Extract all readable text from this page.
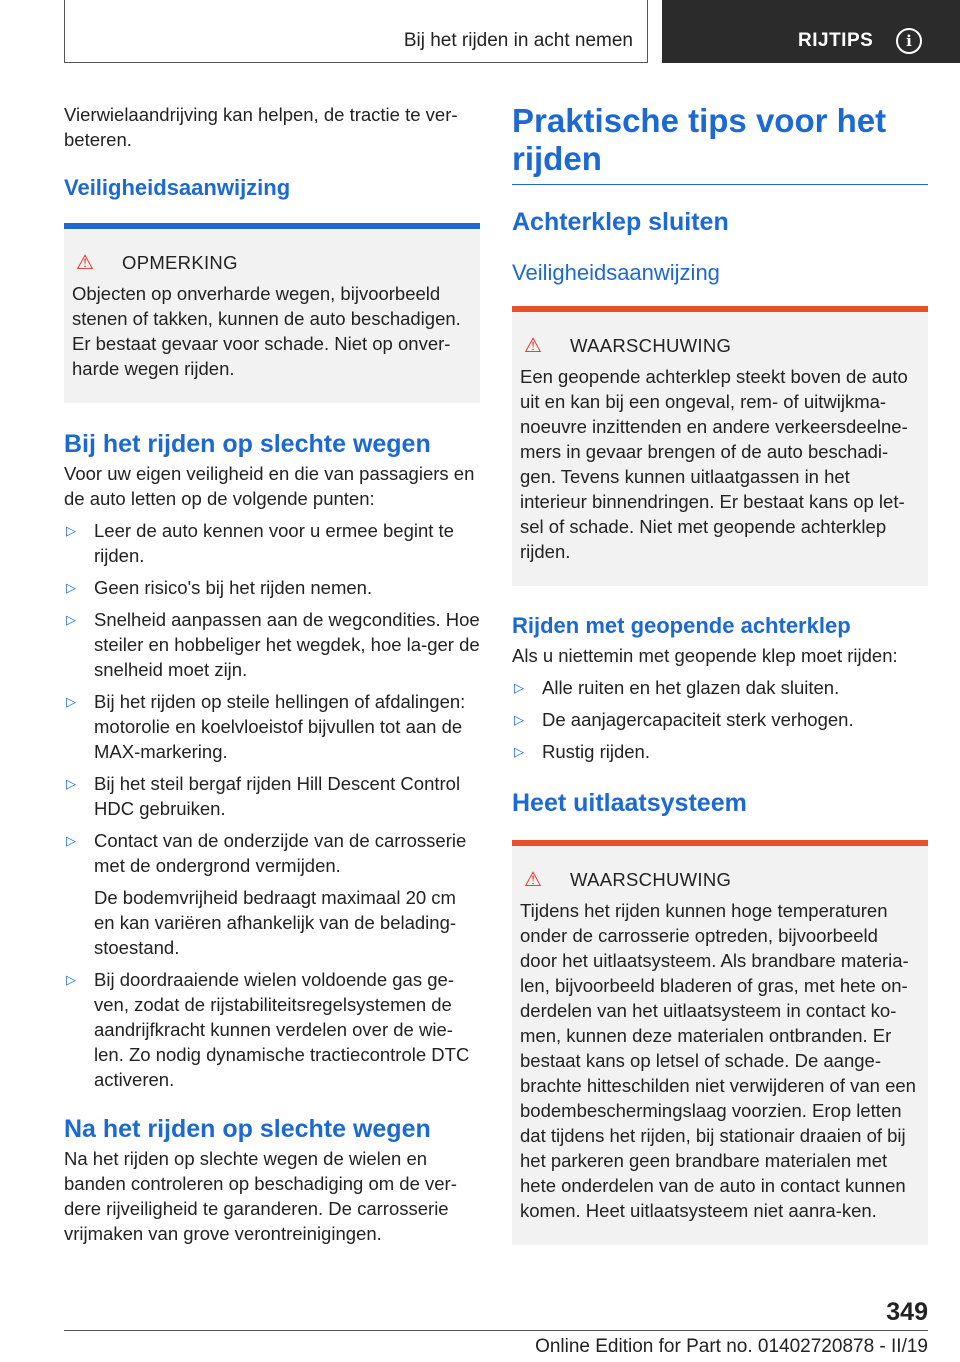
Bij het rijden in acht nemen	RIJTIPS	i

Vierwielaandrijving kan helpen, de tractie te ver-beteren.

Veiligheidsaanwijzing
⚠	OPMERKING

Objecten op onverharde wegen, bijvoorbeeld stenen of takken, kunnen de auto beschadigen. Er bestaat gevaar voor schade. Niet op onver-harde wegen rijden.

Bij het rijden op slechte wegen

Voor uw eigen veiligheid en die van passagiers en de auto letten op de volgende punten:

▷ Leer de auto kennen voor u ermee begint te rijden.
▷ Geen risico's bij het rijden nemen.
▷ Snelheid aanpassen aan de wegcondities. Hoe steiler en hobbeliger het wegdek, hoe la-ger de snelheid moet zijn.
▷ Bij het rijden op steile hellingen of afdalingen: motorolie en koelvloeistof bijvullen tot aan de MAX-markering.
▷ Bij het steil bergaf rijden Hill Descent Control HDC gebruiken.
▷ Contact van de onderzijde van de carrosserie met de ondergrond vermijden.
De bodemvrijheid bedraagt maximaal 20 cm en kan variëren afhankelijk van de belading-stoestand.
▷ Bij doordraaiende wielen voldoende gas ge-ven, zodat de rijstabiliteitsregelsystemen de aandrijfkracht kunnen verdelen over de wie-len. Zo nodig dynamische tractiecontrole DTC activeren.
Na het rijden op slechte wegen

Na het rijden op slechte wegen de wielen en banden controleren op beschadiging om de ver-dere rijveiligheid te garanderen. De carrosserie vrijmaken van grove verontreinigingen.

Praktische tips voor het rijden
Achterklep sluiten
Veiligheidsaanwijzing
⚠	WAARSCHUWING

Een geopende achterklep steekt boven de auto uit en kan bij een ongeval, rem- of uitwijkma-noeuvre inzittenden en andere verkeersdeelne-mers in gevaar brengen of de auto beschadi-gen. Tevens kunnen uitlaatgassen in het interieur binnendringen. Er bestaat kans op let-sel of schade. Niet met geopende achterklep rijden.

Rijden met geopende achterklep

Als u niettemin met geopende klep moet rijden:

▷ Alle ruiten en het glazen dak sluiten.
▷ De aanjagercapaciteit sterk verhogen.
▷ Rustig rijden.
Heet uitlaatsysteem
⚠	WAARSCHUWING

Tijdens het rijden kunnen hoge temperaturen onder de carrosserie optreden, bijvoorbeeld door het uitlaatsysteem. Als brandbare materia-len, bijvoorbeeld bladeren of gras, met hete on-derdelen van het uitlaatsysteem in contact ko-men, kunnen deze materialen ontbranden. Er bestaat kans op letsel of schade. De aange-brachte hitteschilden niet verwijderen of van een bodembeschermingslaag voorzien. Erop letten dat tijdens het rijden, bij stationair draaien of bij het parkeren geen brandbare materialen met hete onderdelen van de auto in contact kunnen komen. Heet uitlaatsysteem niet aanra-ken.

349
Online Edition for Part no. 01402720878 - II/19
